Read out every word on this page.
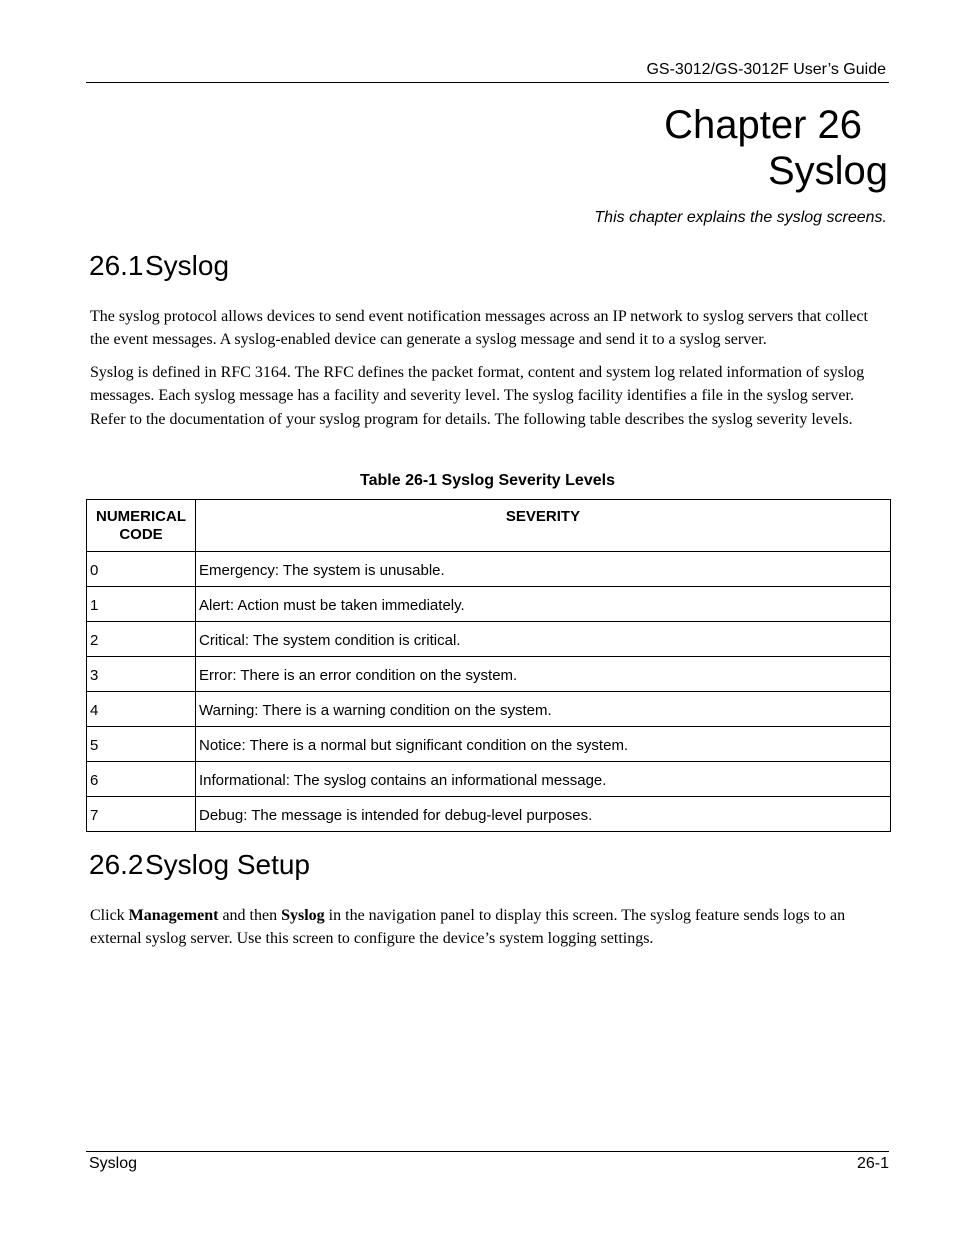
GS-3012/GS-3012F User’s Guide
Chapter 26
Syslog
This chapter explains the syslog screens.
26.1Syslog

The syslog protocol allows devices to send event notification messages across an IP network to syslog servers that collect the event messages. A syslog-enabled device can generate a syslog message and send it to a syslog server.

Syslog is defined in RFC 3164. The RFC defines the packet format, content and system log related information of syslog messages. Each syslog message has a facility and severity level. The syslog facility identifies a file in the syslog server. Refer to the documentation of your syslog program for details. The following table describes the syslog severity levels.

Table 26-1 Syslog Severity Levels
NUMERICAL
CODE	SEVERITY
0	Emergency: The system is unusable.
1	Alert: Action must be taken immediately.
2	Critical: The system condition is critical.
3	Error: There is an error condition on the system.
4	Warning: There is a warning condition on the system.
5	Notice: There is a normal but significant condition on the system.
6	Informational: The syslog contains an informational message.
7	Debug: The message is intended for debug-level purposes.
26.2Syslog Setup

Click Management and then Syslog in the navigation panel to display this screen. The syslog feature sends logs to an external syslog server. Use this screen to configure the device’s system logging settings.

Syslog	26-1
